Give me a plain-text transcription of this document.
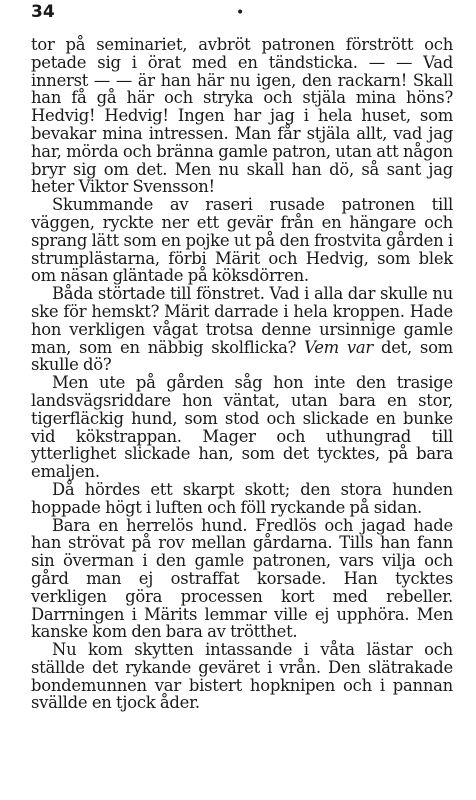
34	•

tor på seminariet, avbröt patronen förstrött och petade sig i örat med en tändsticka. — — Vad innerst — — är han här nu igen, den rackarn! Skall han få gå här och stryka och stjäla mina höns? Hedvig! Hedvig! Ingen har jag i hela huset, som bevakar mina intressen. Man får stjäla allt, vad jag har, mörda och bränna gamle patron, utan att någon bryr sig om det. Men nu skall han dö, så sant jag heter Viktor Svensson!

Skummande av raseri rusade patronen till väggen, ryckte ner ett gevär från en hängare och sprang lätt som en pojke ut på den frostvita gården i strumplästarna, förbi Märit och Hedvig, som blek om näsan gläntade på köksdörren.

Båda störtade till fönstret. Vad i alla dar skulle nu ske för hemskt? Märit darrade i hela kroppen. Hade hon verkligen vågat trotsa denne ursinnige gamle man, som en näbbig skolflicka? Vem var det, som skulle dö?

Men ute på gården såg hon inte den trasige landsvägsriddare hon väntat, utan bara en stor, tigerfläckig hund, som stod och slickade en bunke vid kökstrappan. Mager och uthungrad till ytterlighet slickade han, som det tycktes, på bara emaljen.

Då hördes ett skarpt skott; den stora hunden hoppade högt i luften och föll ryckande på sidan.

Bara en herrelös hund. Fredlös och jagad hade han strövat på rov mellan gårdarna. Tills han fann sin överman i den gamle patronen, vars vilja och gård man ej ostraffat korsade. Han tycktes verkligen göra processen kort med rebeller. Darrningen i Märits lemmar ville ej upphöra. Men kanske kom den bara av trötthet.

Nu kom skytten intassande i våta lästar och ställde det rykande geväret i vrån. Den slätrakade bondemunnen var bistert hopknipen och i pannan svällde en tjock åder.
